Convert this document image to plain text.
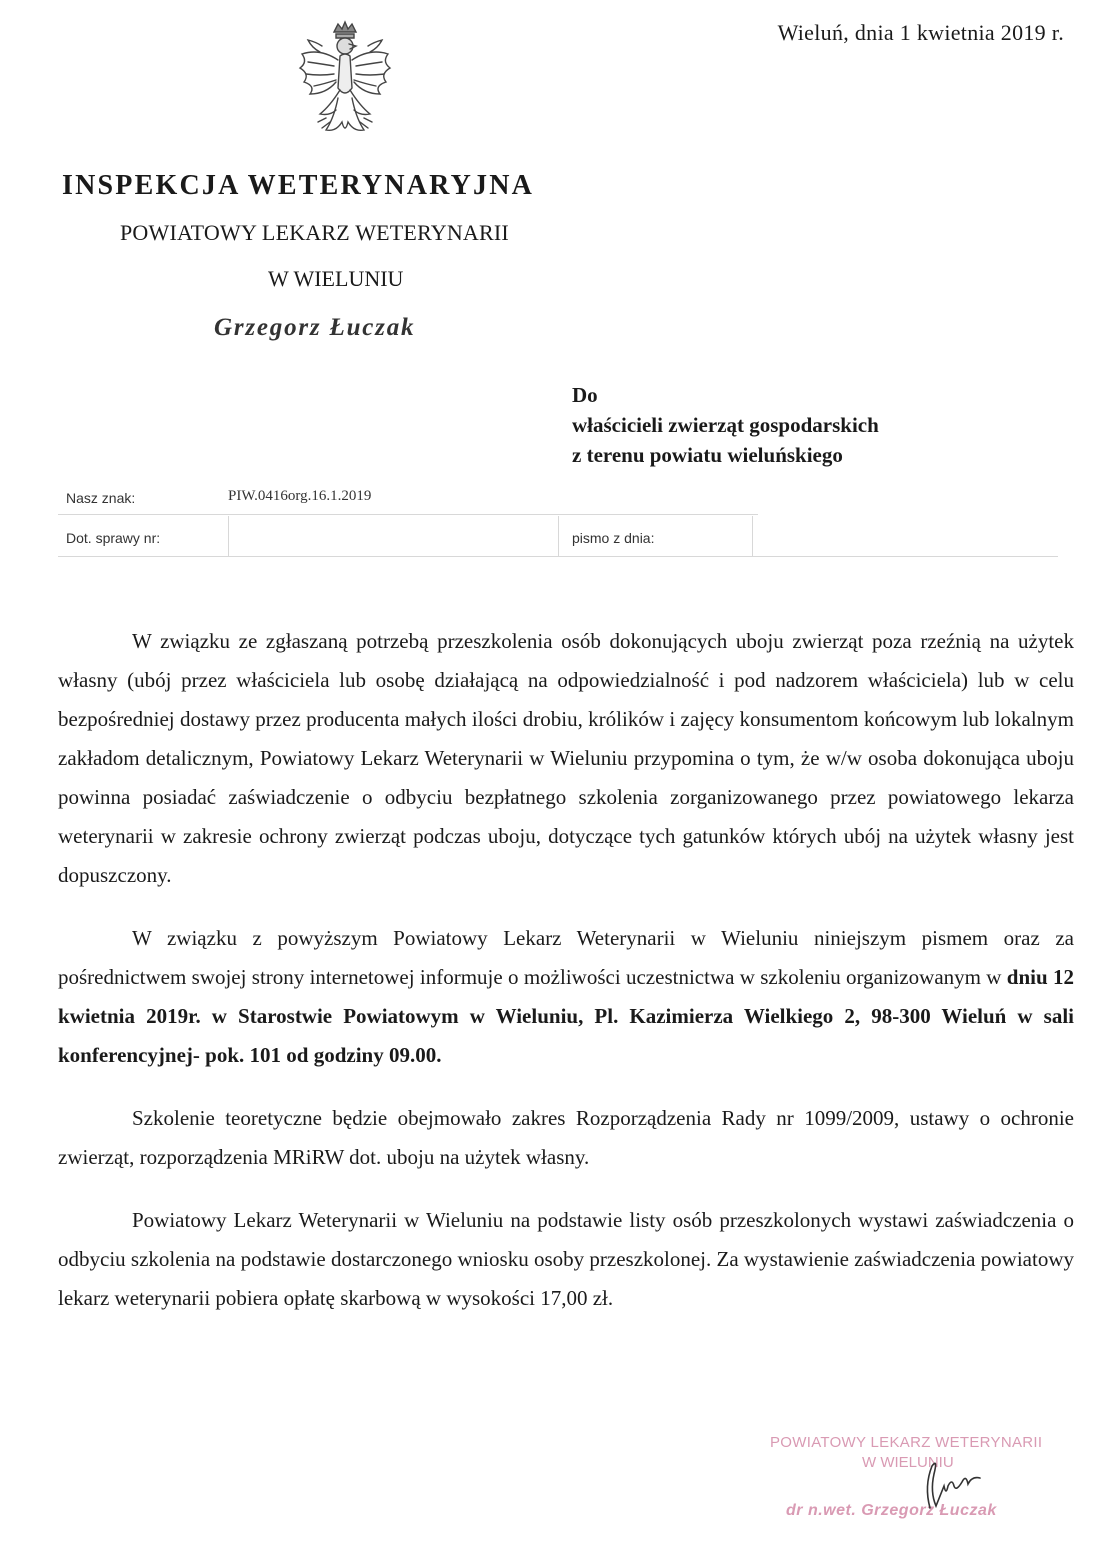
Wieluń, dnia 1 kwietnia 2019 r.
INSPEKCJA WETERYNARYJNA
POWIATOWY LEKARZ WETERYNARII
W WIELUNIU
Grzegorz Łuczak
Do
właścicieli zwierząt gospodarskich
z terenu powiatu wieluńskiego
Nasz znak:	PIW.0416org.16.1.2019
Dot. sprawy nr:	pismo z dnia:

W związku ze zgłaszaną potrzebą przeszkolenia osób dokonujących uboju zwierząt poza rzeźnią na użytek własny (ubój przez właściciela lub osobę działającą na odpowiedzialność i pod nadzorem właściciela) lub w celu bezpośredniej dostawy przez producenta małych ilości drobiu, królików i zajęcy konsumentom końcowym lub lokalnym zakładom detalicznym, Powiatowy Lekarz Weterynarii w Wieluniu przypomina o tym, że w/w osoba dokonująca uboju powinna posiadać zaświadczenie o odbyciu bezpłatnego szkolenia zorganizowanego przez powiatowego lekarza weterynarii w zakresie ochrony zwierząt podczas uboju, dotyczące tych gatunków których ubój na użytek własny jest dopuszczony.

W związku z powyższym Powiatowy Lekarz Weterynarii w Wieluniu niniejszym pismem oraz za pośrednictwem swojej strony internetowej informuje o możliwości uczestnictwa w szkoleniu organizowanym w dniu 12 kwietnia 2019r. w Starostwie Powiatowym w Wieluniu, Pl. Kazimierza Wielkiego 2, 98-300 Wieluń w sali konferencyjnej- pok. 101 od godziny 09.00.

Szkolenie teoretyczne będzie obejmowało zakres Rozporządzenia Rady nr 1099/2009, ustawy o ochronie zwierząt, rozporządzenia MRiRW dot. uboju na użytek własny.

Powiatowy Lekarz Weterynarii w Wieluniu na podstawie listy osób przeszkolonych wystawi zaświadczenia o odbyciu szkolenia na podstawie dostarczonego wniosku osoby przeszkolonej. Za wystawienie zaświadczenia powiatowy lekarz weterynarii pobiera opłatę skarbową w wysokości 17,00 zł.

POWIATOWY LEKARZ WETERYNARII
W WIELUNIU
dr n.wet. Grzegorz Łuczak
